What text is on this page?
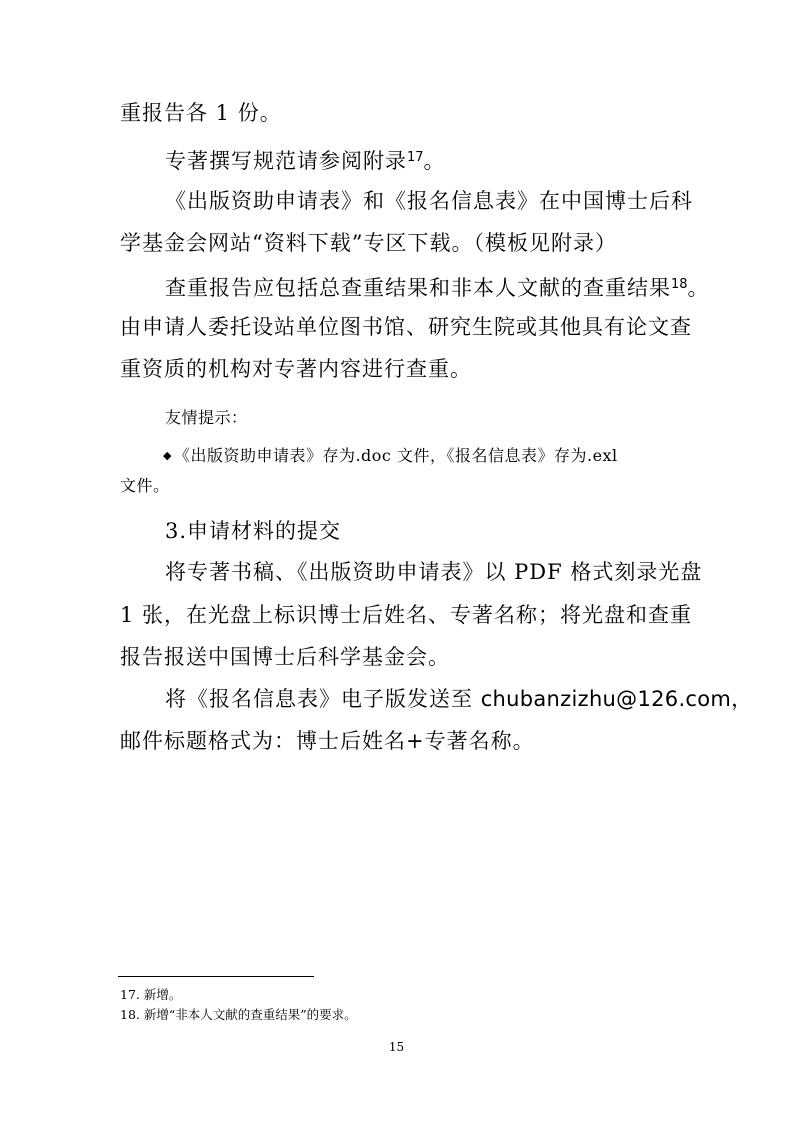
重报告各 1 份。
专著撰写规范请参阅附录$^{17}$。
《出版资助申请表》和《报名信息表》在中国博士后科
学基金会网站“资料下载”专区下载。（模板见附录）
查重报告应包括总查重结果和非本人文献的查重结果$^{18}$。
由申请人委托设站单位图书馆、研究生院或其他具有论文查
重资质的机构对专著内容进行查重。
友情提示：
◆ 《出版资助申请表》存为.doc 文件，《报名信息表》存为.exl
文件。
3.申请材料的提交
将专著书稿、《出版资助申请表》以 PDF 格式刻录光盘
1 张，在光盘上标识博士后姓名、专著名称；将光盘和查重
报告报送中国博士后科学基金会。
将《报名信息表》电子版发送至 chubanzizhu@126.com，
邮件标题格式为：博士后姓名+专著名称。
17. 新增。
18. 新增“非本人文献的查重结果”的要求。
15
